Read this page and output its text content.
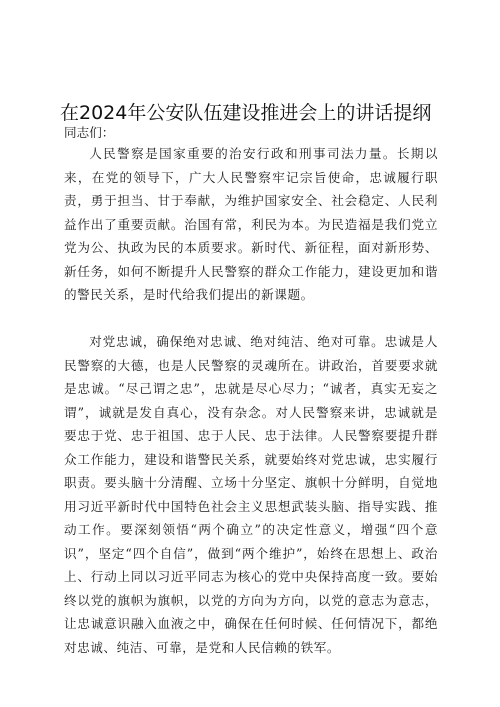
在2024年公安队伍建设推进会上的讲话提纲
同志们：

人民警察是国家重要的治安行政和刑事司法力量。长期以来，在党的领导下，广大人民警察牢记宗旨使命，忠诚履行职责，勇于担当、甘于奉献，为维护国家安全、社会稳定、人民利益作出了重要贡献。治国有常，利民为本。为民造福是我们党立党为公、执政为民的本质要求。新时代、新征程，面对新形势、新任务，如何不断提升人民警察的群众工作能力，建设更加和谐的警民关系，是时代给我们提出的新课题。

对党忠诚，确保绝对忠诚、绝对纯洁、绝对可靠。忠诚是人民警察的大德，也是人民警察的灵魂所在。讲政治，首要要求就是忠诚。“尽己谓之忠”，忠就是尽心尽力；“诚者，真实无妄之谓”，诚就是发自真心，没有杂念。对人民警察来讲，忠诚就是要忠于党、忠于祖国、忠于人民、忠于法律。人民警察要提升群众工作能力，建设和谐警民关系，就要始终对党忠诚，忠实履行职责。要头脑十分清醒、立场十分坚定、旗帜十分鲜明，自觉地用习近平新时代中国特色社会主义思想武装头脑、指导实践、推动工作。要深刻领悟“两个确立”的决定性意义，增强“四个意识”，坚定“四个自信”，做到“两个维护”，始终在思想上、政治上、行动上同以习近平同志为核心的党中央保持高度一致。要始终以党的旗帜为旗帜，以党的方向为方向，以党的意志为意志，让忠诚意识融入血液之中，确保在任何时候、任何情况下，都绝对忠诚、纯洁、可靠，是党和人民信赖的铁军。
